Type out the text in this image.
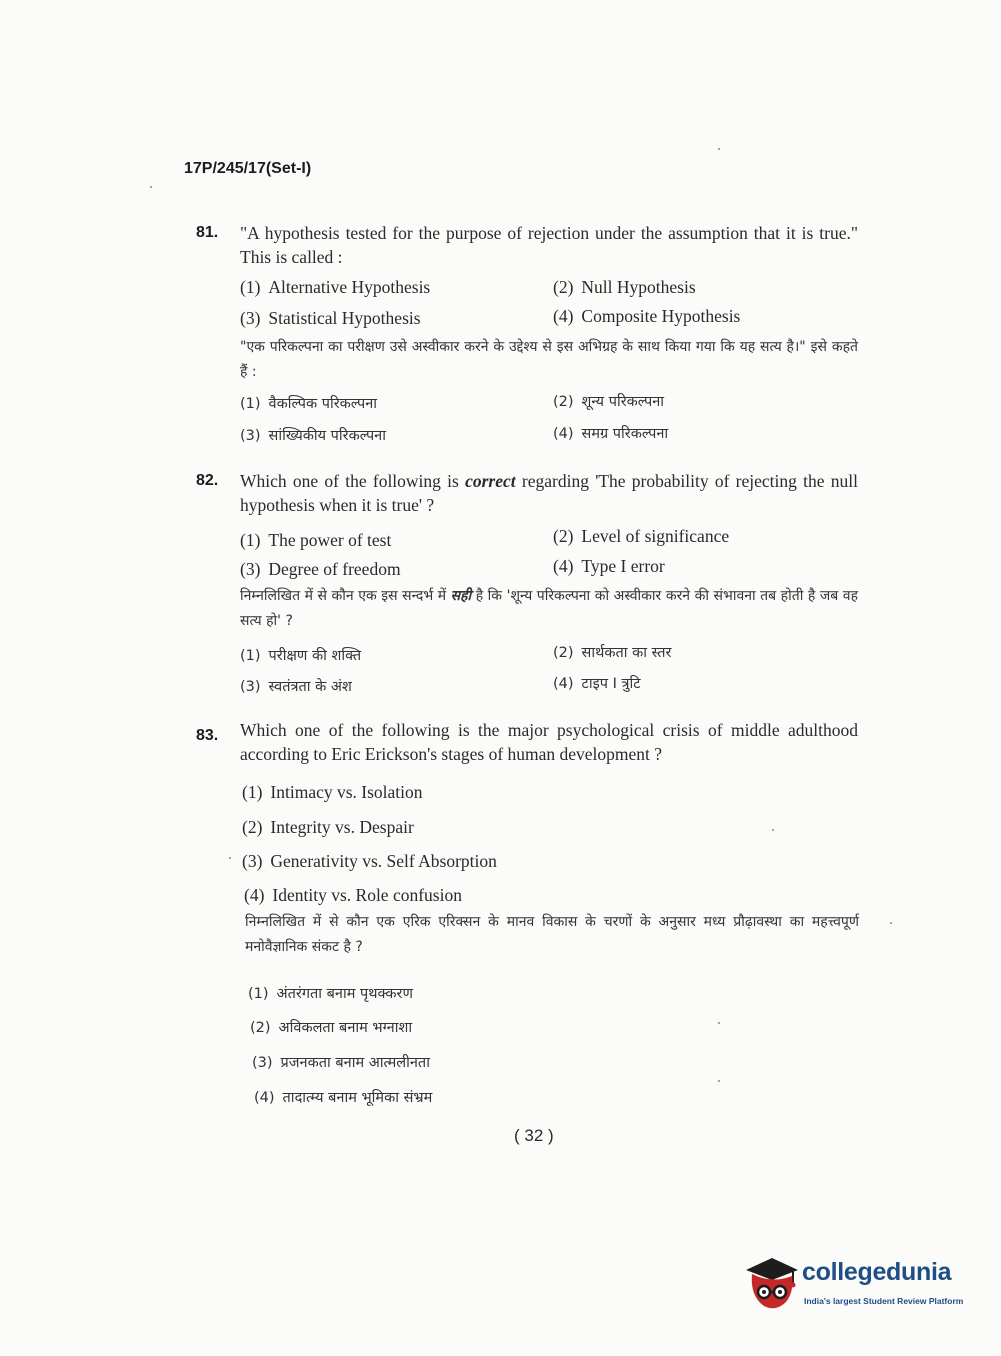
17P/245/17(Set-I)
81. "A hypothesis tested for the purpose of rejection under the assumption that it is true." This is called :
(1) Alternative Hypothesis	(2) Null Hypothesis
(3) Statistical Hypothesis	(4) Composite Hypothesis
"एक परिकल्पना का परीक्षण उसे अस्वीकार करने के उद्देश्य से इस अभिग्रह के साथ किया गया कि यह सत्य है।" इसे कहते हैं :
(1) वैकल्पिक परिकल्पना	(2) शून्य परिकल्पना
(3) सांख्यिकीय परिकल्पना	(4) समग्र परिकल्पना
82. Which one of the following is correct regarding 'The probability of rejecting the null hypothesis when it is true' ?
(1) The power of test	(2) Level of significance
(3) Degree of freedom	(4) Type I error
निम्नलिखित में से कौन एक इस सन्दर्भ में सही है कि 'शून्य परिकल्पना को अस्वीकार करने की संभावना तब होती है जब वह सत्य हो' ?
(1) परीक्षण की शक्ति	(2) सार्थकता का स्तर
(3) स्वतंत्रता के अंश	(4) टाइप I त्रुटि
83. Which one of the following is the major psychological crisis of middle adulthood according to Eric Erickson's stages of human development ?
(1) Intimacy vs. Isolation
(2) Integrity vs. Despair
(3) Generativity vs. Self Absorption
(4) Identity vs. Role confusion
निम्नलिखित में से कौन एक एरिक एरिक्सन के मानव विकास के चरणों के अनुसार मध्य प्रौढ़ावस्था का महत्त्वपूर्ण मनोवैज्ञानिक संकट है ?
(1) अंतरंगता बनाम पृथक्करण
(2) अविकलता बनाम भग्नाशा
(3) प्रजनकता बनाम आत्मलीनता
(4) तादात्म्य बनाम भूमिका संभ्रम
( 32 )
collegedunia
India's largest Student Review Platform
